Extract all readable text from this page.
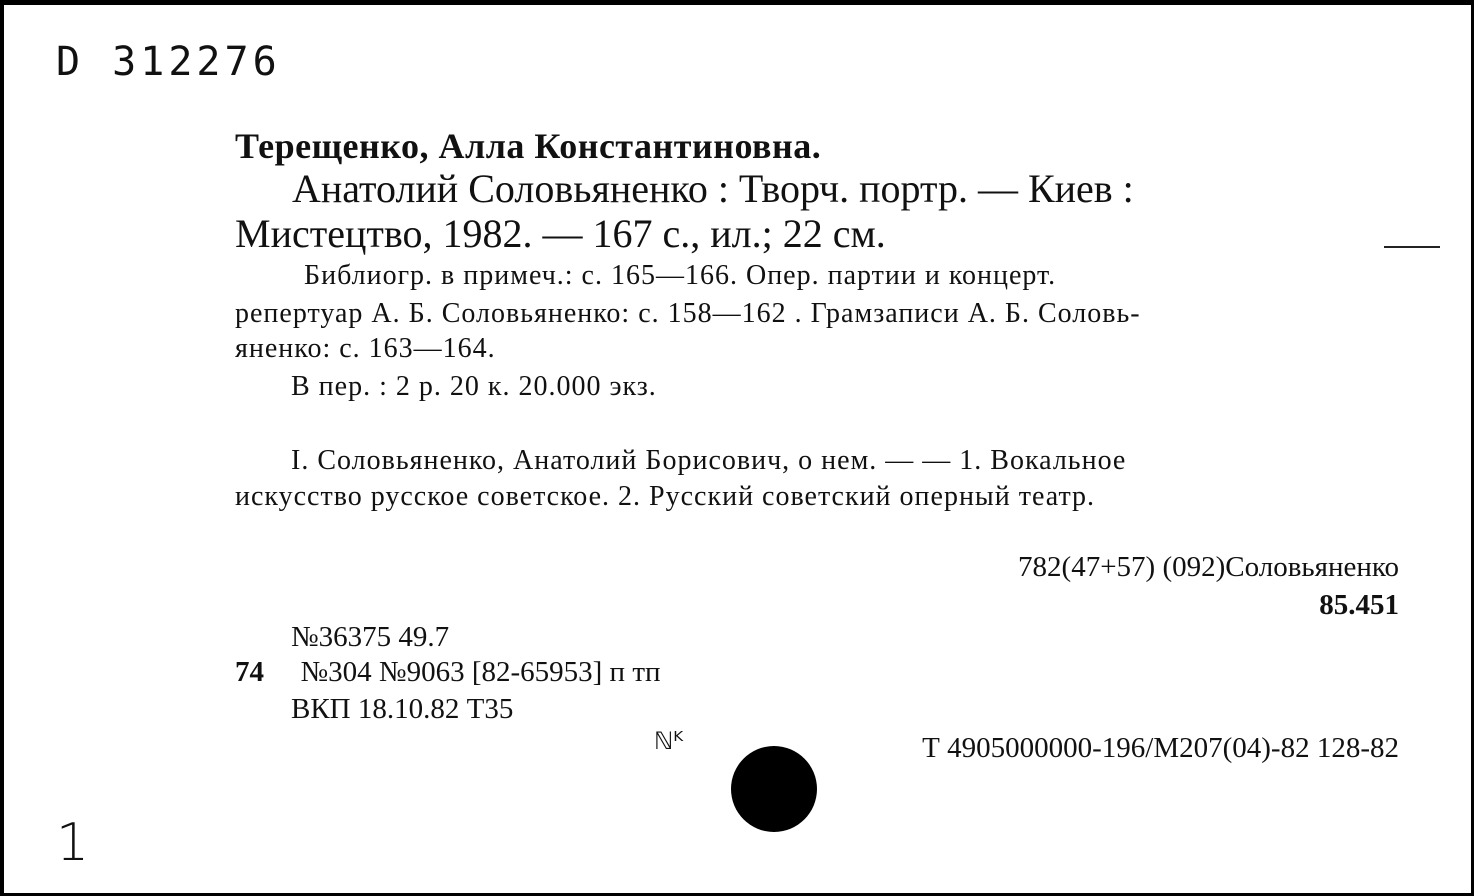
D 312276
Терещенко, Алла Константиновна.
Анатолий Соловьяненко : Творч. портр. — Киев :
Мистецтво, 1982. — 167 с., ил.; 22 см.
Библиогр. в примеч.: с. 165—166. Опер. партии и концерт.
репертуар А. Б. Соловьяненко: с. 158—162 . Грамзаписи А. Б. Соловь-
яненко: с. 163—164.
В пер. : 2 р. 20 к. 20.000 экз.
I. Соловьяненко, Анатолий Борисович, о нем. — — 1. Вокальное
искусство русское советское. 2. Русский советский оперный театр.
782(47+57) (092)Соловьяненко
85.451
№36375 49.7
74 №304 №9063 [82-65953] п тп
ВКП 18.10.82 Т35
Т 4905000000-196/М207(04)-82 128-82
ℕᴷ
1
